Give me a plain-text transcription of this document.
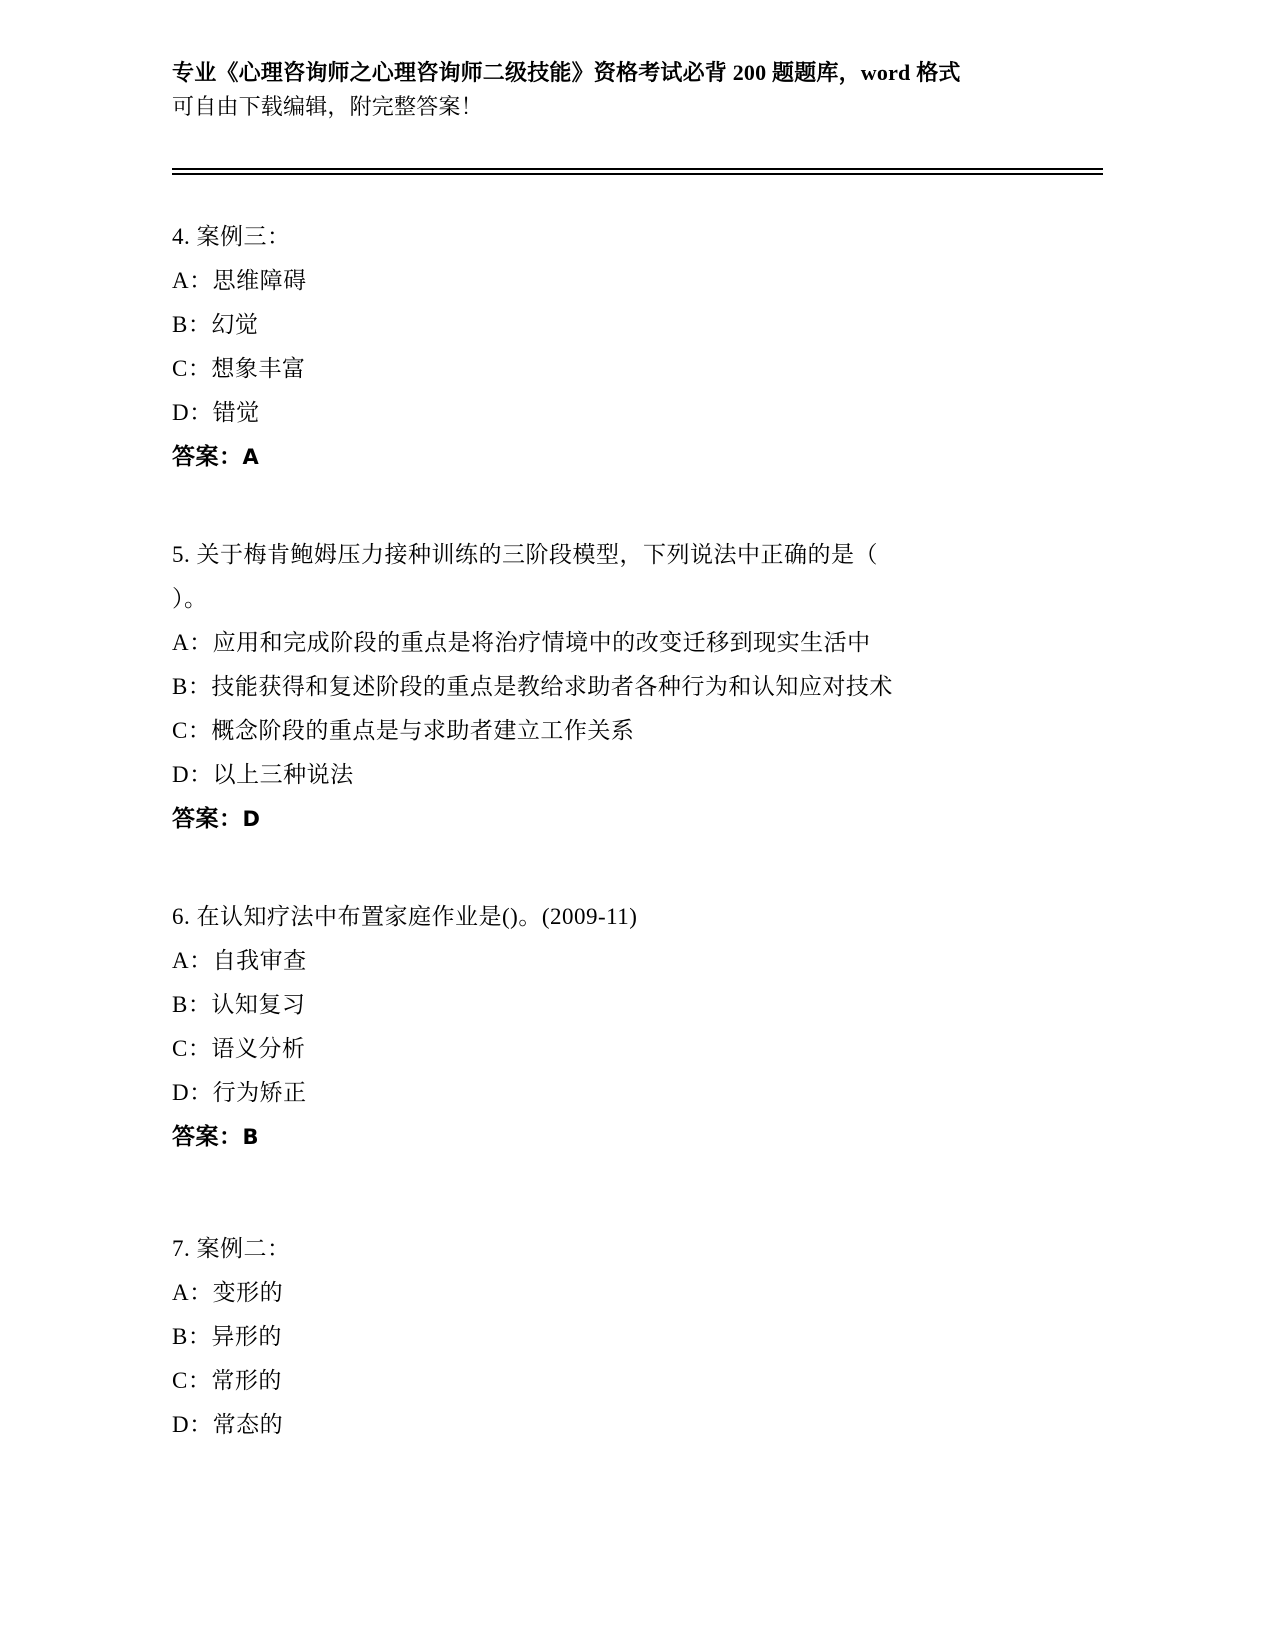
专业《心理咨询师之心理咨询师二级技能》资格考试必背 200 题题库，word 格式
可自由下载编辑，附完整答案！
4. 案例三：
A：思维障碍
B：幻觉
C：想象丰富
D：错觉
答案：A
5. 关于梅肯鲍姆压力接种训练的三阶段模型，下列说法中正确的是（
）。
A：应用和完成阶段的重点是将治疗情境中的改变迁移到现实生活中
B：技能获得和复述阶段的重点是教给求助者各种行为和认知应对技术
C：概念阶段的重点是与求助者建立工作关系
D：以上三种说法
答案：D
6. 在认知疗法中布置家庭作业是()。(2009-11)
A：自我审查
B：认知复习
C：语义分析
D：行为矫正
答案：B
7. 案例二：
A：变形的
B：异形的
C：常形的
D：常态的
